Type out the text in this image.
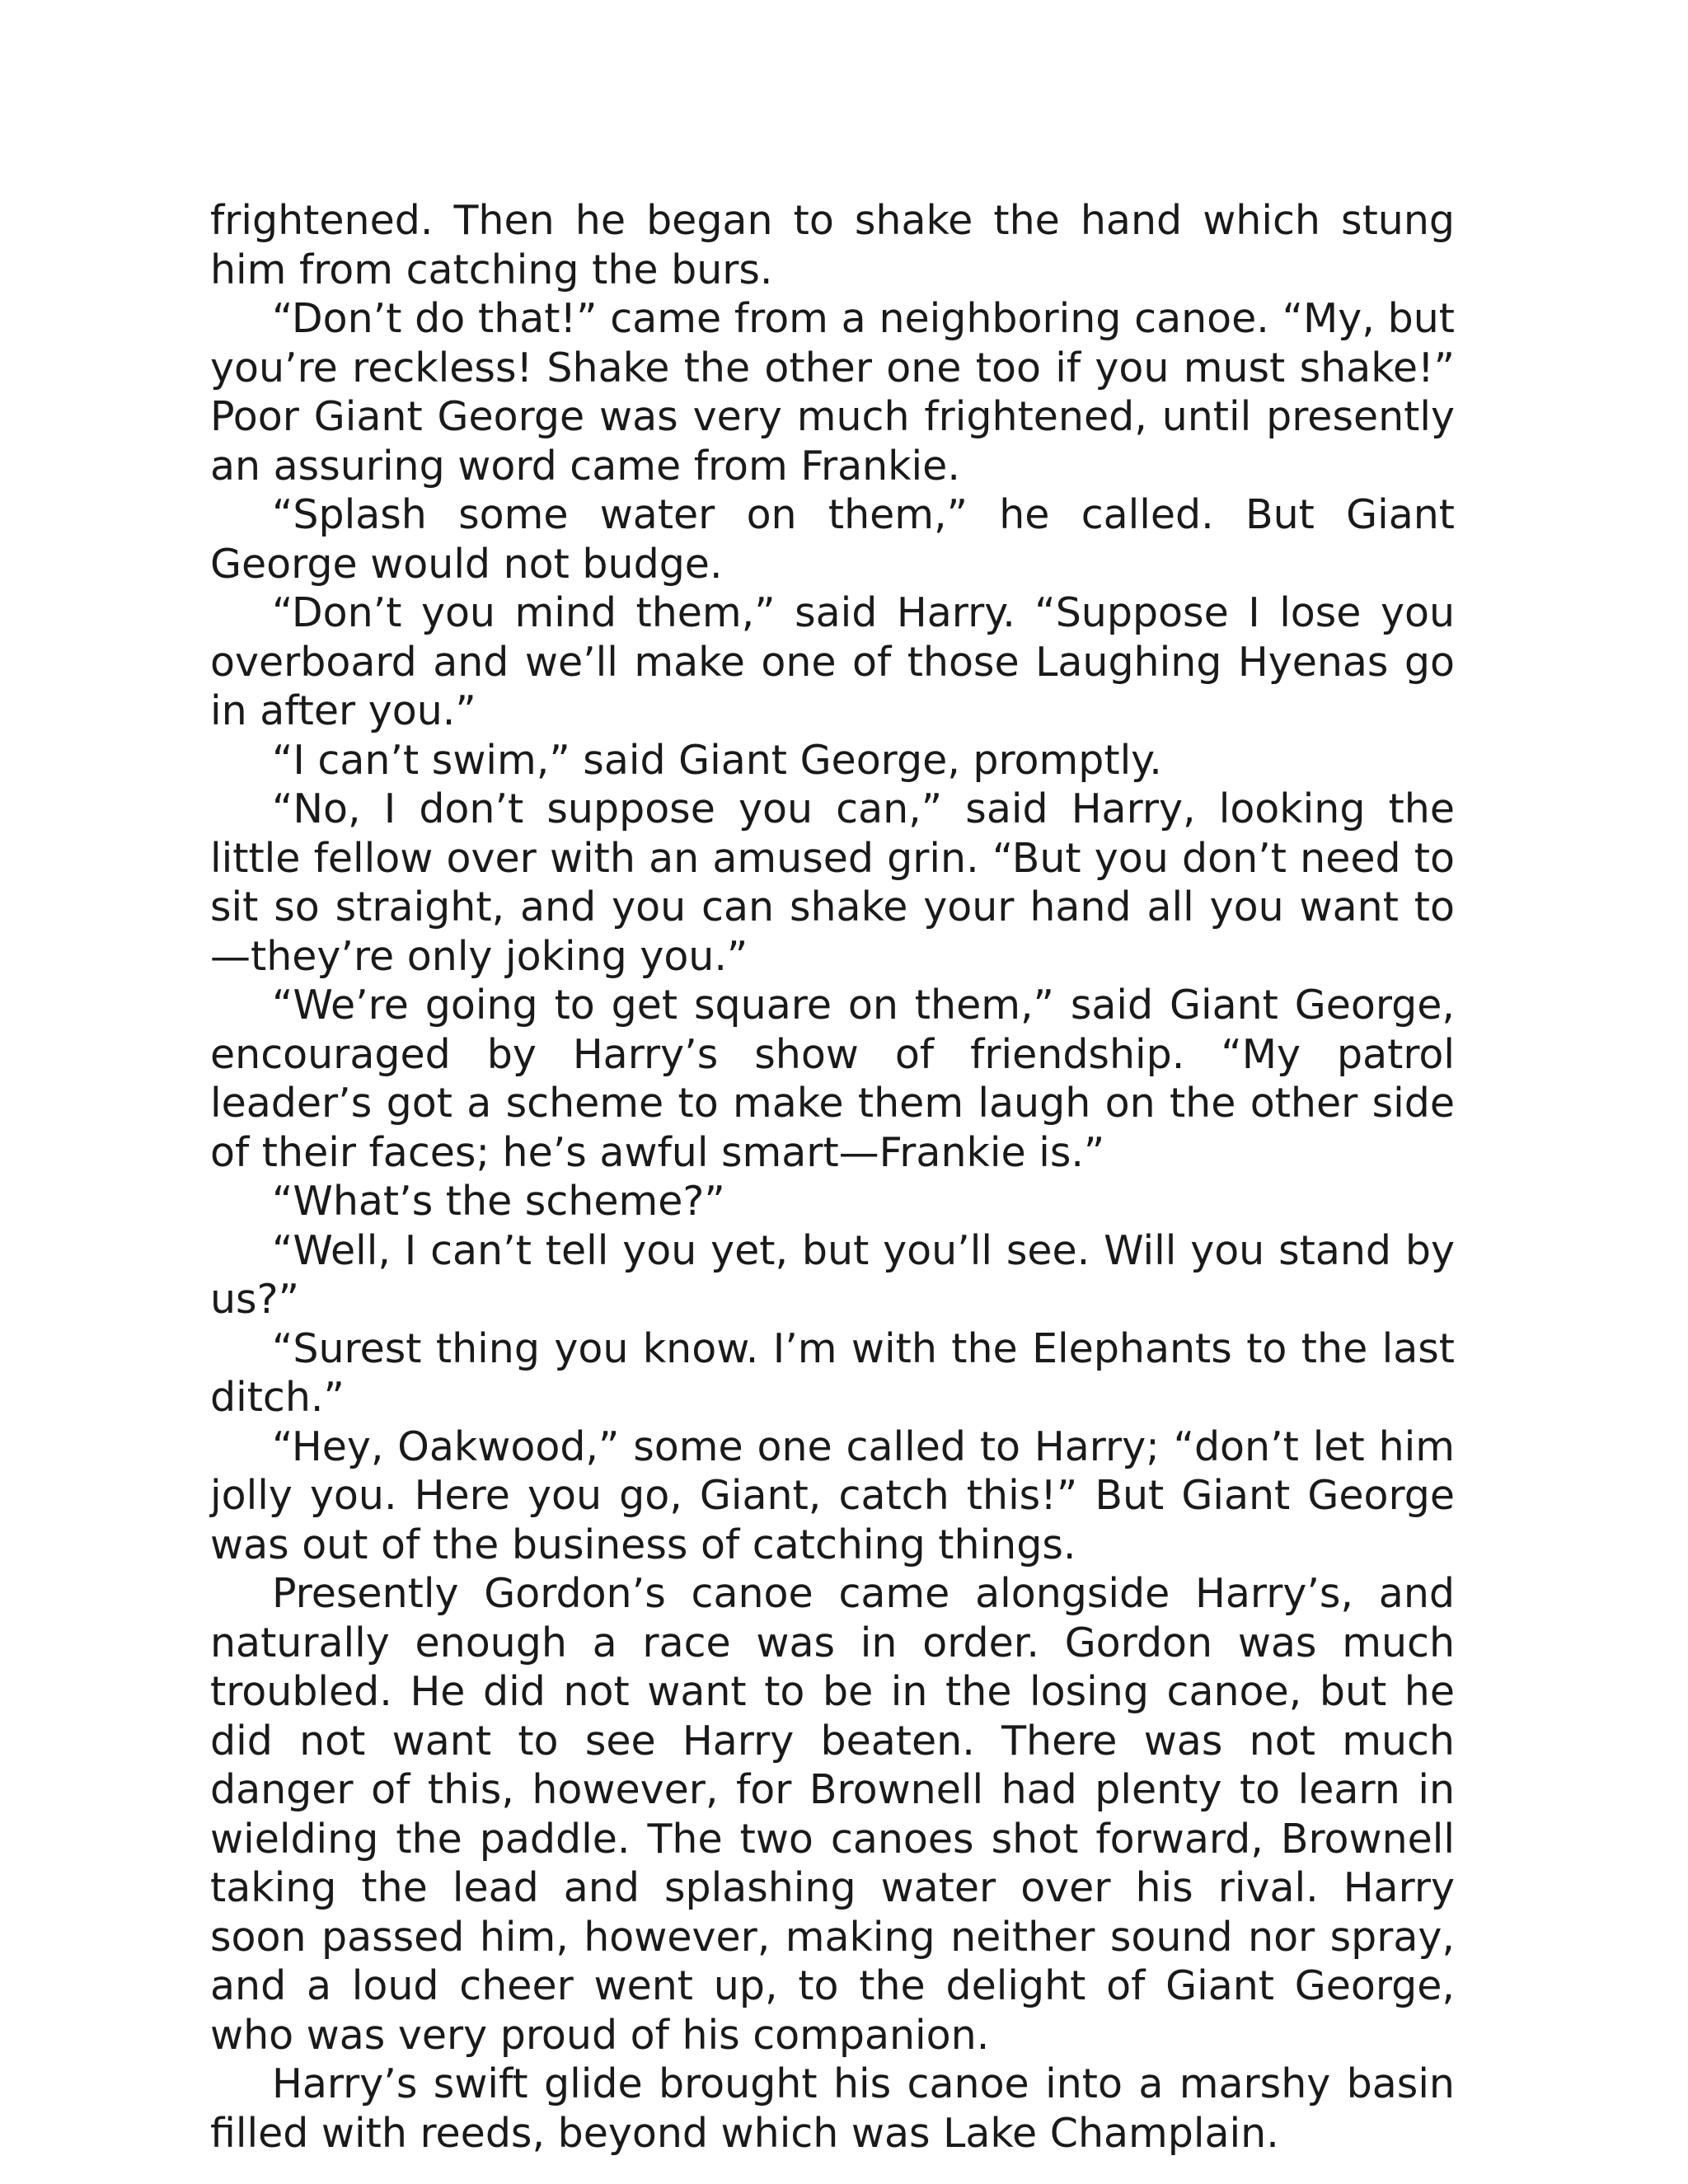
frightened. Then he began to shake the hand which stung him from catching the burs.

“Don’t do that!” came from a neighboring canoe. “My, but you’re reckless! Shake the other one too if you must shake!” Poor Giant George was very much frightened, until presently an assuring word came from Frankie.

“Splash some water on them,” he called. But Giant George would not budge.

“Don’t you mind them,” said Harry. “Suppose I lose you overboard and we’ll make one of those Laughing Hyenas go in after you.”

“I can’t swim,” said Giant George, promptly.

“No, I don’t suppose you can,” said Harry, looking the little fellow over with an amused grin. “But you don’t need to sit so straight, and you can shake your hand all you want to—they’re only joking you.”

“We’re going to get square on them,” said Giant George, encouraged by Harry’s show of friendship. “My patrol leader’s got a scheme to make them laugh on the other side of their faces; he’s awful smart—Frankie is.”

“What’s the scheme?”

“Well, I can’t tell you yet, but you’ll see. Will you stand by us?”

“Surest thing you know. I’m with the Elephants to the last ditch.”

“Hey, Oakwood,” some one called to Harry; “don’t let him jolly you. Here you go, Giant, catch this!” But Giant George was out of the business of catching things.

Presently Gordon’s canoe came alongside Harry’s, and naturally enough a race was in order. Gordon was much troubled. He did not want to be in the losing canoe, but he did not want to see Harry beaten. There was not much danger of this, however, for Brownell had plenty to learn in wielding the paddle. The two canoes shot forward, Brownell taking the lead and splashing water over his rival. Harry soon passed him, however, making neither sound nor spray, and a loud cheer went up, to the delight of Giant George, who was very proud of his companion.

Harry’s swift glide brought his canoe into a marshy basin filled with reeds, beyond which was Lake Champlain.
